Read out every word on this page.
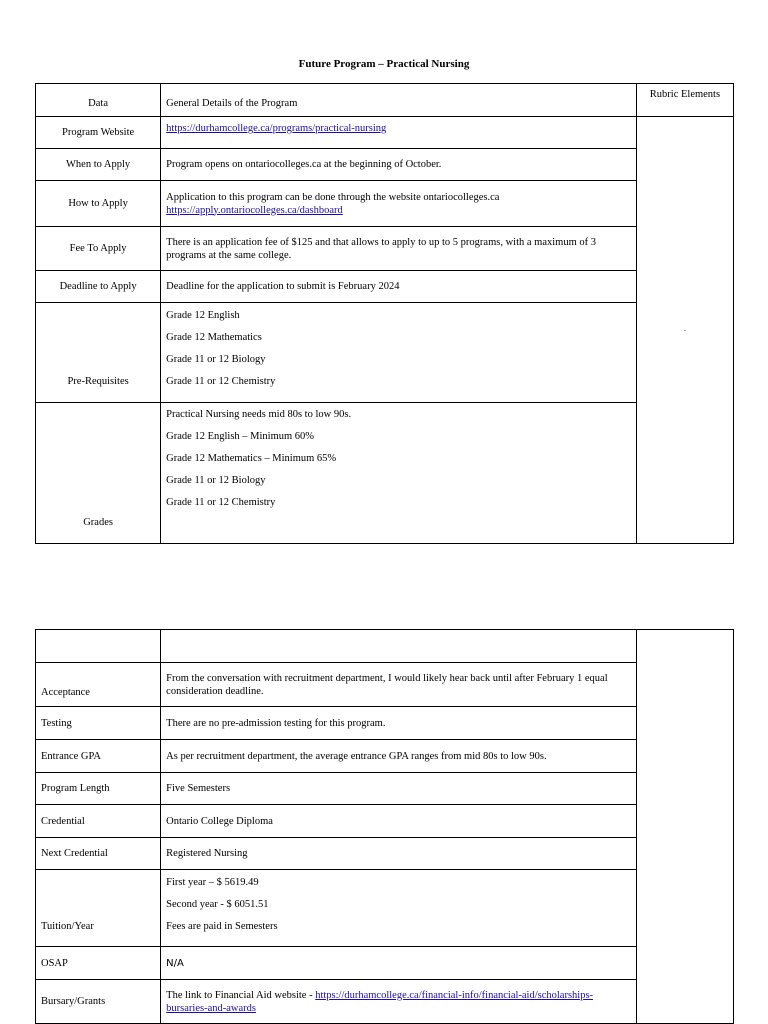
Future Program – Practical Nursing
Data	General Details of the Program	Rubric Elements
Program Website	https://durhamcollege.ca/programs/practical-nursing	-
When to Apply	Program opens on ontariocolleges.ca at the beginning of October.	
How to Apply	Application to this program can be done through the website ontariocolleges.ca
https://apply.ontariocolleges.ca/dashboard	
Fee To Apply	There is an application fee of $125 and that allows to apply to up to 5 programs, with a maximum of 3 programs at the same college.	
Deadline to Apply	Deadline for the application to submit is February 2024	
Pre-Requisites	Grade 12 English
Grade 12 Mathematics
Grade 11 or 12 Biology
Grade 11 or 12 Chemistry	

Grades	Practical Nursing needs mid 80s to low 90s.
Grade 12 English – Minimum 60%
Grade 12 Mathematics – Minimum 65%
Grade 11 or 12 Biology
Grade 11 or 12 Chemistry	

Acceptance	From the conversation with recruitment department, I would likely hear back until after February 1 equal consideration deadline.	
Testing	There are no pre-admission testing for this program.	
Entrance GPA	As per recruitment department, the average entrance GPA ranges from mid 80s to low 90s.	
Program Length	Five Semesters	
Credential	Ontario College Diploma	
Next Credential	Registered Nursing	
Tuition/Year	First year – $ 5619.49
Second year - $ 6051.51
Fees are paid in Semesters	

OSAP	N/A	
Bursary/Grants	The link to Financial Aid website - https://durhamcollege.ca/financial-info/financial-aid/scholarships-bursaries-and-awards	
